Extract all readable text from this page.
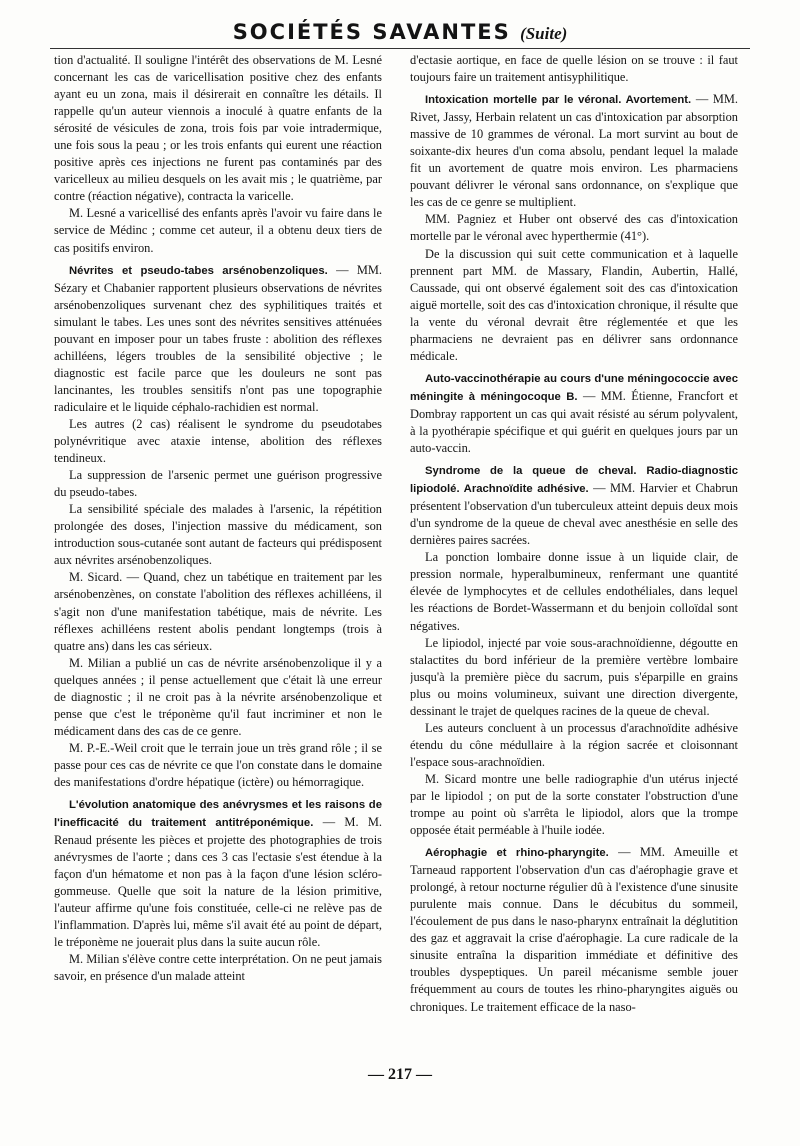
SOCIÉTÉS SAVANTES (Suite)

tion d'actualité. Il souligne l'intérêt des observations de M. Lesné concernant les cas de varicellisation positive chez des enfants ayant eu un zona, mais il désirerait en connaître les détails. Il rappelle qu'un auteur viennois a inoculé à quatre enfants de la sérosité de vésicules de zona, trois fois par voie intradermique, une fois sous la peau ; or les trois enfants qui eurent une réaction positive après ces injections ne furent pas contaminés par des varicelleux au milieu desquels on les avait mis ; le quatrième, par contre (réaction négative), contracta la varicelle.

M. Lesné a varicellisé des enfants après l'avoir vu faire dans le service de Médinc ; comme cet auteur, il a obtenu deux tiers de cas positifs environ.

Névrites et pseudo-tabes arsénobenzoliques. — MM. Sézary et Chabanier rapportent plusieurs observations de névrites arsénobenzoliques survenant chez des syphilitiques traités et simulant le tabes. Les unes sont des névrites sensitives atténuées pouvant en imposer pour un tabes fruste : abolition des réflexes achilléens, légers troubles de la sensibilité objective ; le diagnostic est facile parce que les douleurs ne sont pas lancinantes, les troubles sensitifs n'ont pas une topographie radiculaire et le liquide céphalo-rachidien est normal.

Les autres (2 cas) réalisent le syndrome du pseudotabes polynévritique avec ataxie intense, abolition des réflexes tendineux.

La suppression de l'arsenic permet une guérison progressive du pseudo-tabes.

La sensibilité spéciale des malades à l'arsenic, la répétition prolongée des doses, l'injection massive du médicament, son introduction sous-cutanée sont autant de facteurs qui prédisposent aux névrites arsénobenzoliques.

M. Sicard. — Quand, chez un tabétique en traitement par les arsénobenzènes, on constate l'abolition des réflexes achilléens, il s'agit non d'une manifestation tabétique, mais de névrite. Les réflexes achilléens restent abolis pendant longtemps (trois à quatre ans) dans les cas sérieux.

M. Milian a publié un cas de névrite arsénobenzolique il y a quelques années ; il pense actuellement que c'était là une erreur de diagnostic ; il ne croit pas à la névrite arsénobenzolique et pense que c'est le tréponème qu'il faut incriminer et non le médicament dans des cas de ce genre.

M. P.-E.-Weil croit que le terrain joue un très grand rôle ; il se passe pour ces cas de névrite ce que l'on constate dans le domaine des manifestations d'ordre hépatique (ictère) ou hémorragique.

L'évolution anatomique des anévrysmes et les raisons de l'inefficacité du traitement antitréponémique. — M. M. Renaud présente les pièces et projette des photographies de trois anévrysmes de l'aorte ; dans ces 3 cas l'ectasie s'est étendue à la façon d'un hématome et non pas à la façon d'une lésion scléro-gommeuse. Quelle que soit la nature de la lésion primitive, l'auteur affirme qu'une fois constituée, celle-ci ne relève pas de l'inflammation. D'après lui, même s'il avait été au point de départ, le tréponème ne jouerait plus dans la suite aucun rôle.

M. Milian s'élève contre cette interprétation. On ne peut jamais savoir, en présence d'un malade atteint

d'ectasie aortique, en face de quelle lésion on se trouve : il faut toujours faire un traitement antisyphilitique.

Intoxication mortelle par le véronal. Avortement. — MM. Rivet, Jassy, Herbain relatent un cas d'intoxication par absorption massive de 10 grammes de véronal. La mort survint au bout de soixante-dix heures d'un coma absolu, pendant lequel la malade fit un avortement de quatre mois environ. Les pharmaciens pouvant délivrer le véronal sans ordonnance, on s'explique que les cas de ce genre se multiplient.

MM. Pagniez et Huber ont observé des cas d'intoxication mortelle par le véronal avec hyperthermie (41°).

De la discussion qui suit cette communication et à laquelle prennent part MM. de Massary, Flandin, Aubertin, Hallé, Caussade, qui ont observé également soit des cas d'intoxication aiguë mortelle, soit des cas d'intoxication chronique, il résulte que la vente du véronal devrait être réglementée et que les pharmaciens ne devraient pas en délivrer sans ordonnance médicale.

Auto-vaccinothérapie au cours d'une méningococcie avec méningite à méningocoque B. — MM. Étienne, Francfort et Dombray rapportent un cas qui avait résisté au sérum polyvalent, à la pyothérapie spécifique et qui guérit en quelques jours par un auto-vaccin.

Syndrome de la queue de cheval. Radio-diagnostic lipiodolé. Arachnoïdite adhésive. — MM. Harvier et Chabrun présentent l'observation d'un tuberculeux atteint depuis deux mois d'un syndrome de la queue de cheval avec anesthésie en selle des dernières paires sacrées.

La ponction lombaire donne issue à un liquide clair, de pression normale, hyperalbumineux, renfermant une quantité élevée de lymphocytes et de cellules endothéliales, dans lequel les réactions de Bordet-Wassermann et du benjoin colloïdal sont négatives.

Le lipiodol, injecté par voie sous-arachnoïdienne, dégoutte en stalactites du bord inférieur de la première vertèbre lombaire jusqu'à la première pièce du sacrum, puis s'éparpille en grains plus ou moins volumineux, suivant une direction divergente, dessinant le trajet de quelques racines de la queue de cheval.

Les auteurs concluent à un processus d'arachnoïdite adhésive étendu du cône médullaire à la région sacrée et cloisonnant l'espace sous-arachnoïdien.

M. Sicard montre une belle radiographie d'un utérus injecté par le lipiodol ; on put de la sorte constater l'obstruction d'une trompe au point où s'arrêta le lipiodol, alors que la trompe opposée était perméable à l'huile iodée.

Aérophagie et rhino-pharyngite. — MM. Ameuille et Tarneaud rapportent l'observation d'un cas d'aérophagie grave et prolongé, à retour nocturne régulier dû à l'existence d'une sinusite purulente mais connue. Dans le décubitus du sommeil, l'écoulement de pus dans le naso-pharynx entraînait la déglutition des gaz et aggravait la crise d'aérophagie. La cure radicale de la sinusite entraîna la disparition immédiate et définitive des troubles dyspeptiques. Un pareil mécanisme semble jouer fréquemment au cours de toutes les rhino-pharyngites aiguës ou chroniques. Le traitement efficace de la naso-

— 217 —
